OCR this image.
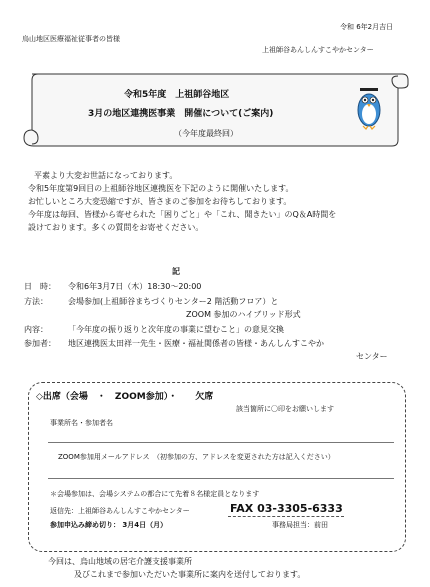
烏山地区医療福祉従事者の皆様
令和 6年2月吉日
上祖師谷あんしんすこやかセンター
令和5年度　上祖師谷地区
3月の地区連携医事業　開催について(ご案内)
（今年度最終回）
平素より大変お世話になっております。
令和5年度第9回目の上祖師谷地区連携医を下記のように開催いたします。
お忙しいところ大変恐縮ですが、皆さまのご参加をお待ちしております。
今年度は毎回、皆様から寄せられた「困りごと」や「これ、聞きたい」のQ＆A時間を
設けております。多くの質問をお寄せください。
記
日　時： 令和6年3月7日（木）18:30～20:00
方法：	会場参加(上祖師谷まちづくりセンター2 階活動フロア）と
ZOOM 参加のハイブリッド形式
内容：	「今年度の振り返りと次年度の事業に望むこと」の意見交換
参加者： 地区連携医太田祥一先生・医療・福祉関係者の皆様・あんしんすこやか
センター
◇出席（会場　・　ZOOM参加）・　　欠席
該当箇所に〇印をお願いします
事業所名・参加者名
ZOOM参加用メールアドレス　（初参加の方、アドレスを変更された方は記入ください）
＊会場参加は、会場システムの都合にて先着８名様定員となります
返信先：上祖師谷あんしんすこやかセンター	FAX 03-3305-6333
参加申込み締め切り： 3月4日（月）	事務局担当：前田
今回は、烏山地域の居宅介護支援事業所
及びこれまで参加いただいた事業所に案内を送付しております。
